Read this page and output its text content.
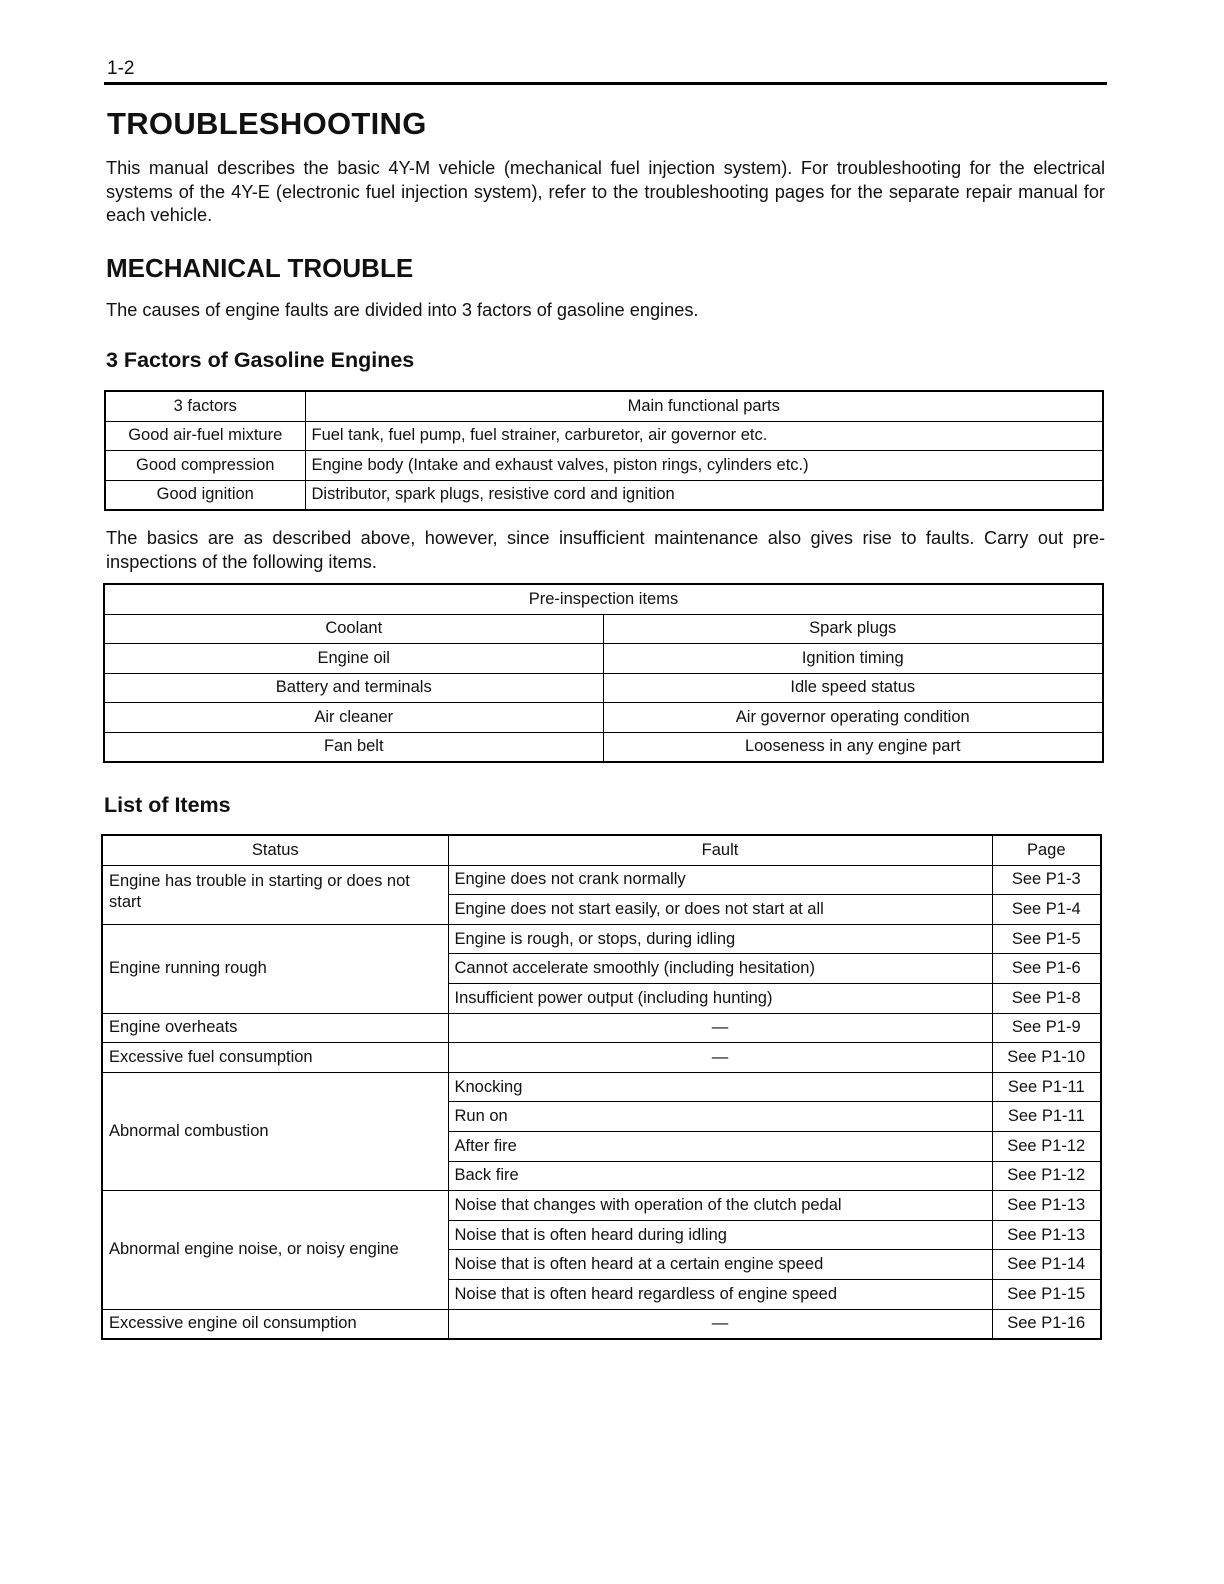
1-2
TROUBLESHOOTING

This manual describes the basic 4Y-M vehicle (mechanical fuel injection system). For troubleshooting for the electrical systems of the 4Y-E (electronic fuel injection system), refer to the troubleshooting pages for the separate repair manual for each vehicle.

MECHANICAL TROUBLE

The causes of engine faults are divided into 3 factors of gasoline engines.

3 Factors of Gasoline Engines
3 factors	Main functional parts
Good air-fuel mixture	Fuel tank, fuel pump, fuel strainer, carburetor, air governor etc.
Good compression	Engine body (Intake and exhaust valves, piston rings, cylinders etc.)
Good ignition	Distributor, spark plugs, resistive cord and ignition

The basics are as described above, however, since insufficient maintenance also gives rise to faults. Carry out pre-inspections of the following items.

Pre-inspection items	
Coolant	Spark plugs
Engine oil	Ignition timing
Battery and terminals	Idle speed status
Air cleaner	Air governor operating condition
Fan belt	Looseness in any engine part
List of Items
Status	Fault	Page
Engine has trouble in starting or does not start	Engine does not crank normally	See P1-3
	Engine does not start easily, or does not start at all	See P1-4
Engine running rough	Engine is rough, or stops, during idling	See P1-5
	Cannot accelerate smoothly (including hesitation)	See P1-6
	Insufficient power output (including hunting)	See P1-8
Engine overheats	—	See P1-9
Excessive fuel consumption	—	See P1-10
Abnormal combustion	Knocking	See P1-11
	Run on	See P1-11
	After fire	See P1-12
	Back fire	See P1-12
Abnormal engine noise, or noisy engine	Noise that changes with operation of the clutch pedal	See P1-13
	Noise that is often heard during idling	See P1-13
	Noise that is often heard at a certain engine speed	See P1-14
	Noise that is often heard regardless of engine speed	See P1-15
Excessive engine oil consumption	—	See P1-16
